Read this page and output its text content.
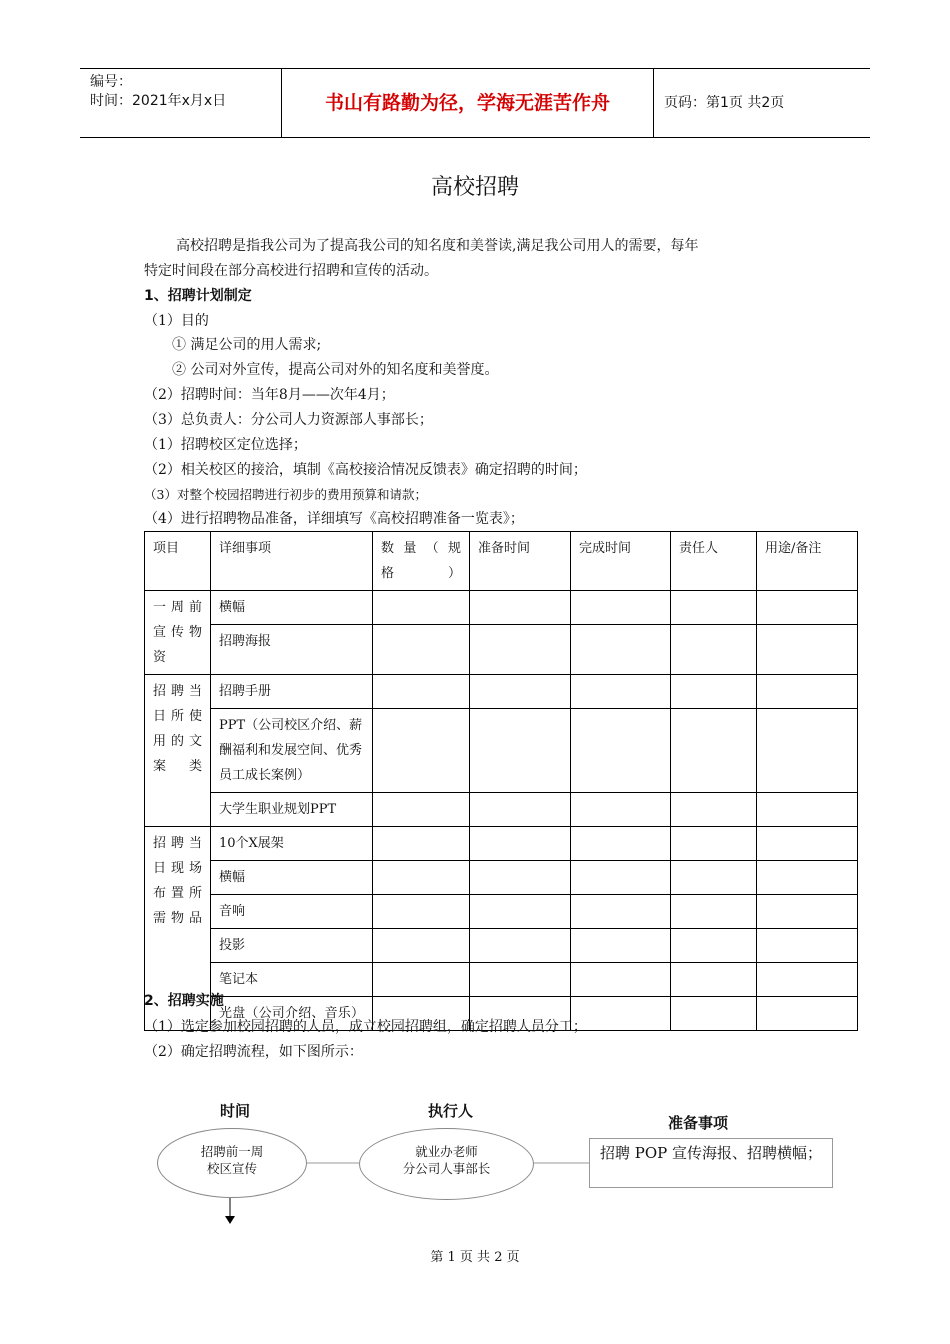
编号：
时间：2021年x月x日	书山有路勤为径，学海无涯苦作舟	页码：第1页 共2页
高校招聘
高校招聘是指我公司为了提高我公司的知名度和美誉读,满足我公司用人的需要，每年
特定时间段在部分高校进行招聘和宣传的活动。
1、招聘计划制定
（1）目的
① 满足公司的用人需求;
② 公司对外宣传，提高公司对外的知名度和美誉度。
（2）招聘时间：当年8月——次年4月；
（3）总负责人：分公司人力资源部人事部长；
（1）招聘校区定位选择；
（2）相关校区的接洽，填制《高校接洽情况反馈表》确定招聘的时间；
（3）对整个校园招聘进行初步的费用预算和请款；
（4）进行招聘物品准备，详细填写《高校招聘准备一览表》；
项目	详细事项	数 量 （ 规 格）	准备时间	完成时间	责任人	用途/备注
一周前宣传物资	横幅					
	招聘海报					
招聘当日所使用的文案类	招聘手册					
	PPT（公司校区介绍、薪酬福利和发展空间、优秀员工成长案例）					
	大学生职业规划PPT					
招聘当日现场布置所需物品	10个X展架					
	横幅					
	音响					
	投影					
	笔记本					
	光盘（公司介绍、音乐）					
2、招聘实施
（1）选定参加校园招聘的人员，成立校园招聘组，确定招聘人员分工；
（2）确定招聘流程，如下图所示：
时间	执行人
准备事项
招聘前一周
校区宣传
就业办老师
分公司人事部长
招聘 POP 宣传海报、招聘横幅；
第 1 页 共 2 页
